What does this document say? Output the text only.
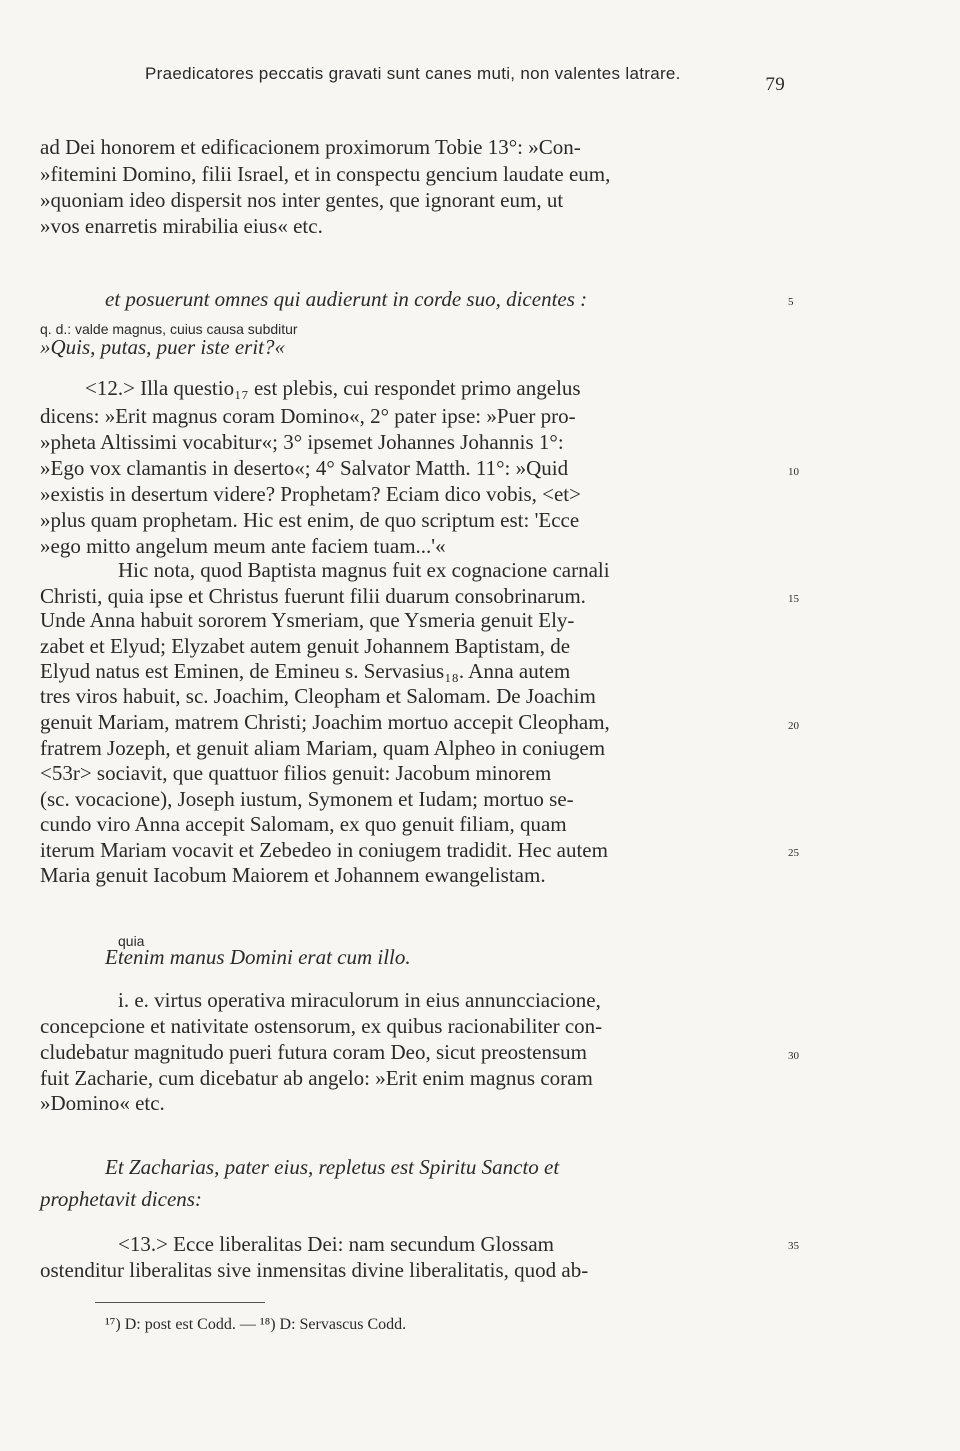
Praedicatores peccatis gravati sunt canes muti, non valentes latrare.
79
ad Dei honorem et edificacionem proximorum Tobie 13°: »Con-
»fitemini Domino, filii Israel, et in conspectu gencium laudate eum,
»quoniam ideo dispersit nos inter gentes, que ignorant eum, ut
»vos enarretis mirabilia eius« etc.
et posuerunt omnes qui audierunt in corde suo, dicentes :
q. d.: valde magnus, cuius causa subditur
»Quis, putas, puer iste erit?«
<12.> Illa questio₁₇ est plebis, cui respondet primo angelus
dicens: »Erit magnus coram Domino«, 2° pater ipse: »Puer pro-
»pheta Altissimi vocabitur«; 3° ipsemet Johannes Johannis 1°:
»Ego vox clamantis in deserto«; 4° Salvator Matth. 11°: »Quid
»existis in desertum videre? Prophetam? Eciam dico vobis, <et>
»plus quam prophetam. Hic est enim, de quo scriptum est: 'Ecce
»ego mitto angelum meum ante faciem tuam...'«
Hic nota, quod Baptista magnus fuit ex cognacione carnali
Christi, quia ipse et Christus fuerunt filii duarum consobrinarum.
Unde Anna habuit sororem Ysmeriam, que Ysmeria genuit Ely-
zabet et Elyud; Elyzabet autem genuit Johannem Baptistam, de
Elyud natus est Eminen, de Emineu s. Servasius₁₈. Anna autem
tres viros habuit, sc. Joachim, Cleopham et Salomam. De Joachim
genuit Mariam, matrem Christi; Joachim mortuo accepit Cleopham,
fratrem Jozeph, et genuit aliam Mariam, quam Alpheo in coniugem
<53r> sociavit, que quattuor filios genuit: Jacobum minorem
(sc. vocacione), Joseph iustum, Symonem et Iudam; mortuo se-
cundo viro Anna accepit Salomam, ex quo genuit filiam, quam
iterum Mariam vocavit et Zebedeo in coniugem tradidit. Hec autem
Maria genuit Iacobum Maiorem et Johannem ewangelistam.
quia
Etenim manus Domini erat cum illo.
i. e. virtus operativa miraculorum in eius annuncciacione,
concepcione et nativitate ostensorum, ex quibus racionabiliter con-
cludebatur magnitudo pueri futura coram Deo, sicut preostensum
fuit Zacharie, cum dicebatur ab angelo: »Erit enim magnus coram
»Domino« etc.
Et Zacharias, pater eius, repletus est Spiritu Sancto et
prophetavit dicens:
<13.> Ecce liberalitas Dei: nam secundum Glossam
ostenditur liberalitas sive inmensitas divine liberalitatis, quod ab-
5
10
15
20
25
30
35
¹⁷) D: post est Codd. — ¹⁸) D: Servascus Codd.
